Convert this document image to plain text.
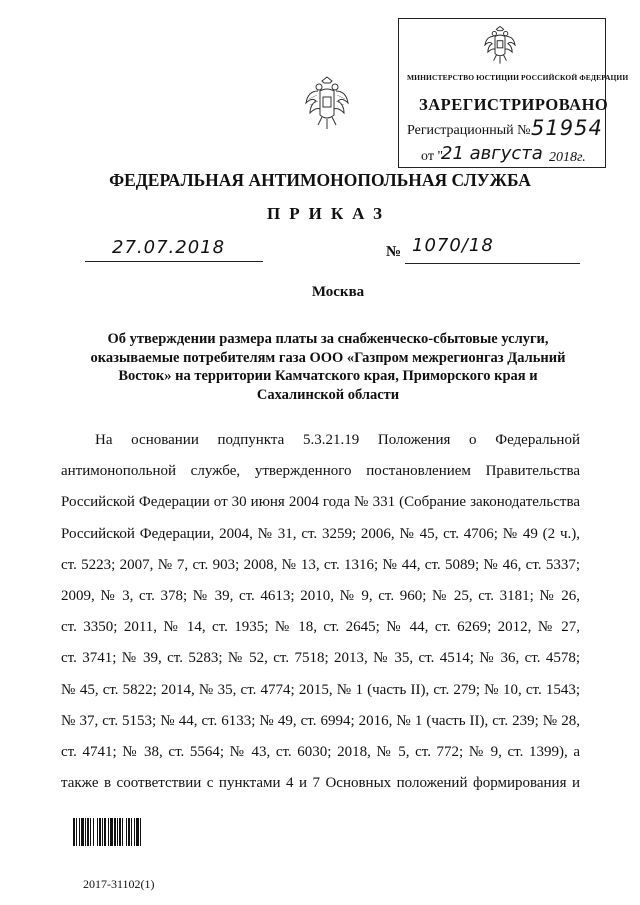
МИНИСТЕРСТВО ЮСТИЦИИ РОССИЙСКОЙ ФЕДЕРАЦИИ
ЗАРЕГИСТРИРОВАНО
Регистрационный № 51954
от "
21 августа 2018г.
ФЕДЕРАЛЬНАЯ АНТИМОНОПОЛЬНАЯ СЛУЖБА
ПРИКАЗ
27.07.2018	№ 1070/18
Москва
Об утверждении размера платы за снабженческо-сбытовые услуги, оказываемые потребителям газа ООО «Газпром межрегионгаз Дальний Восток» на территории Камчатского края, Приморского края и Сахалинской области
На основании подпункта 5.3.21.19 Положения о Федеральной
антимонопольной службе, утвержденного постановлением Правительства
Российской Федерации от 30 июня 2004 года № 331 (Собрание законодательства
Российской Федерации, 2004, № 31, ст. 3259; 2006, № 45, ст. 4706; № 49 (2 ч.),
ст. 5223; 2007, № 7, ст. 903; 2008, № 13, ст. 1316; № 44, ст. 5089; № 46, ст. 5337;
2009, № 3, ст. 378; № 39, ст. 4613; 2010, № 9, ст. 960; № 25, ст. 3181; № 26,
ст. 3350; 2011, № 14, ст. 1935; № 18, ст. 2645; № 44, ст. 6269; 2012, № 27,
ст. 3741; № 39, ст. 5283; № 52, ст. 7518; 2013, № 35, ст. 4514; № 36, ст. 4578;
№ 45, ст. 5822; 2014, № 35, ст. 4774; 2015, № 1 (часть II), ст. 279; № 10, ст. 1543;
№ 37, ст. 5153; № 44, ст. 6133; № 49, ст. 6994; 2016, № 1 (часть II), ст. 239; № 28,
ст. 4741; № 38, ст. 5564; № 43, ст. 6030; 2018, № 5, ст. 772; № 9, ст. 1399), а
также в соответствии с пунктами 4 и 7 Основных положений формирования и
2017-31102(1)
